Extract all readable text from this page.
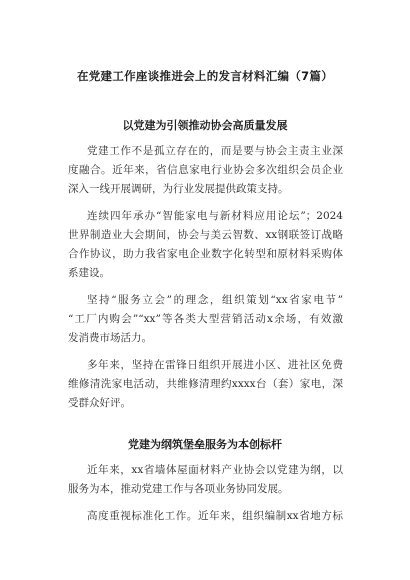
在党建工作座谈推进会上的发言材料汇编（7篇）
以党建为引领推动协会高质量发展
党建工作不是孤立存在的，而是要与协会主责主业深
度融合。近年来，省信息家电行业协会多次组织会员企业
深入一线开展调研，为行业发展提供政策支持。
连续四年承办“智能家电与新材料应用论坛”；2024
世界制造业大会期间，协会与美云智数、xx钢联签订战略
合作协议，助力我省家电企业数字化转型和原材料采购体
系建设。
坚持“服务立会”的理念，组织策划“xx省家电节”
“工厂内购会”“xx”等各类大型营销活动x余场，有效激
发消费市场活力。
多年来，坚持在雷锋日组织开展进小区、进社区免费
维修清洗家电活动，共维修清理约xxxx台（套）家电，深
受群众好评。
党建为纲筑堡垒服务为本创标杆
近年来，xx省墙体屋面材料产业协会以党建为纲，以
服务为本，推动党建工作与各项业务协同发展。
高度重视标准化工作。近年来，组织编制xx省地方标
